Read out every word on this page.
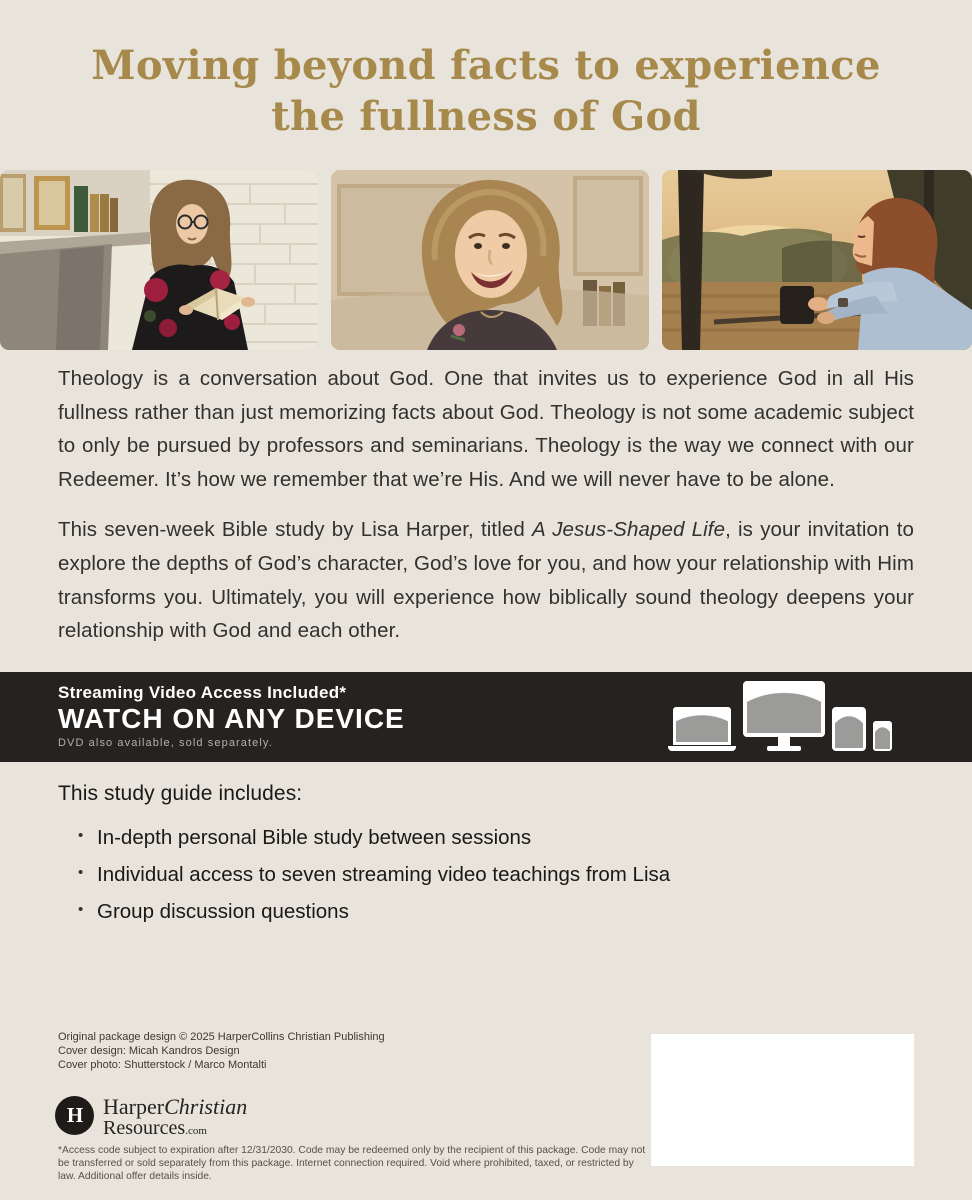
Moving beyond facts to experience
the fullness of God

Theology is a conversation about God. One that invites us to experience God in all His fullness rather than just memorizing facts about God. Theology is not some academic subject to only be pursued by professors and seminarians. Theology is the way we connect with our Redeemer. It’s how we remember that we’re His. And we will never have to be alone.

This seven-week Bible study by Lisa Harper, titled A Jesus-Shaped Life, is your invitation to explore the depths of God’s character, God’s love for you, and how your relationship with Him transforms you. Ultimately, you will experience how biblically sound theology deepens your relationship with God and each other.

Streaming Video Access Included*
WATCH ON ANY DEVICE
DVD also available, sold separately.
This study guide includes:
• In-depth personal Bible study between sessions
• Individual access to seven streaming video teachings from Lisa
• Group discussion questions
Original package design © 2025 HarperCollins Christian Publishing
Cover design: Micah Kandros Design
Cover photo: Shutterstock / Marco Montalti
H HarperChristian
Resources.com
*Access code subject to expiration after 12/31/2030. Code may be redeemed only by the recipient of this package. Code may not be transferred or sold separately from this package. Internet connection required. Void where prohibited, taxed, or restricted by law. Additional offer details inside.
